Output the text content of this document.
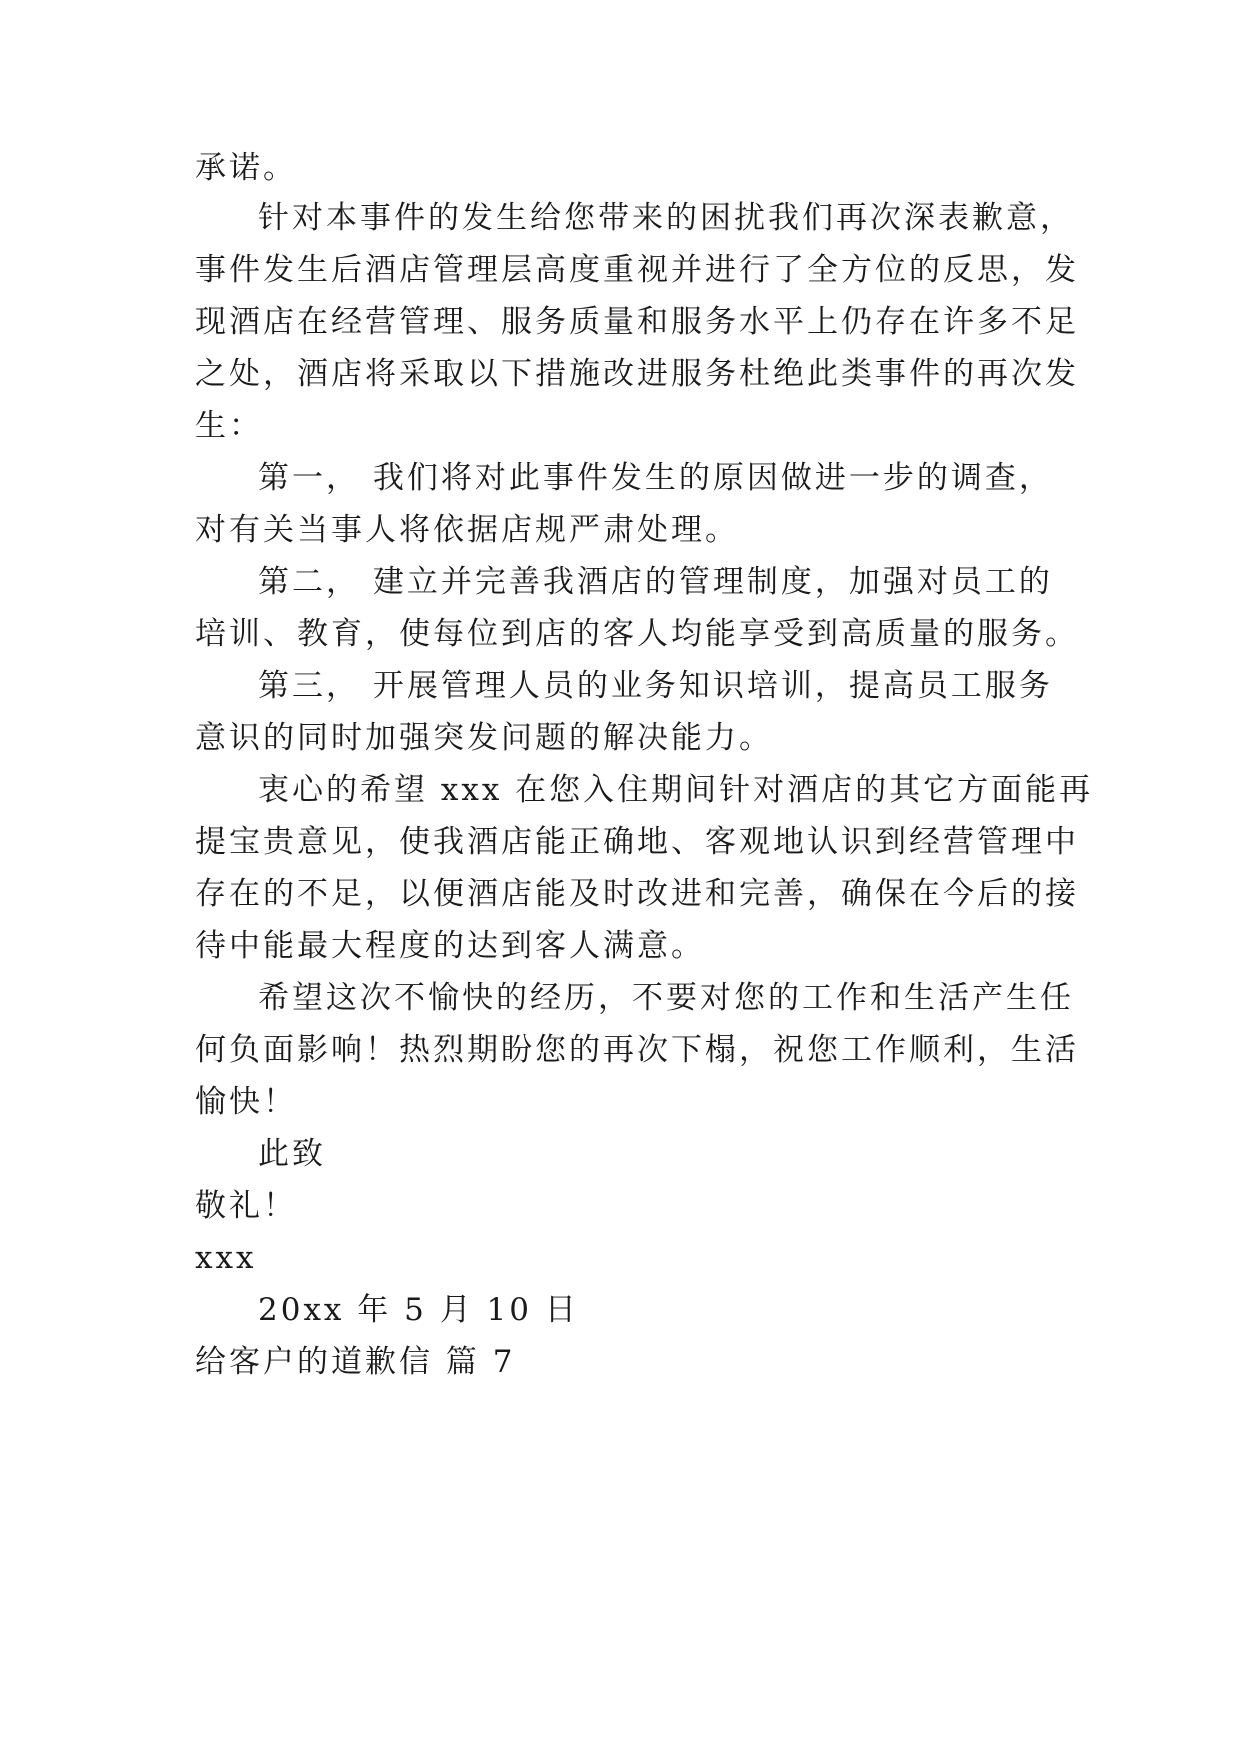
承诺。
针对本事件的发生给您带来的困扰我们再次深表歉意，
事件发生后酒店管理层高度重视并进行了全方位的反思，发
现酒店在经营管理、服务质量和服务水平上仍存在许多不足
之处，酒店将采取以下措施改进服务杜绝此类事件的再次发
生：
第一， 我们将对此事件发生的原因做进一步的调查，
对有关当事人将依据店规严肃处理。
第二， 建立并完善我酒店的管理制度，加强对员工的
培训、教育，使每位到店的客人均能享受到高质量的服务。
第三， 开展管理人员的业务知识培训，提高员工服务
意识的同时加强突发问题的解决能力。
衷心的希望 xxx 在您入住期间针对酒店的其它方面能再
提宝贵意见，使我酒店能正确地、客观地认识到经营管理中
存在的不足，以便酒店能及时改进和完善，确保在今后的接
待中能最大程度的达到客人满意。
希望这次不愉快的经历，不要对您的工作和生活产生任
何负面影响！热烈期盼您的再次下榻，祝您工作顺利，生活
愉快！
此致
敬礼！
xxx
20xx 年 5 月 10 日
给客户的道歉信 篇 7
